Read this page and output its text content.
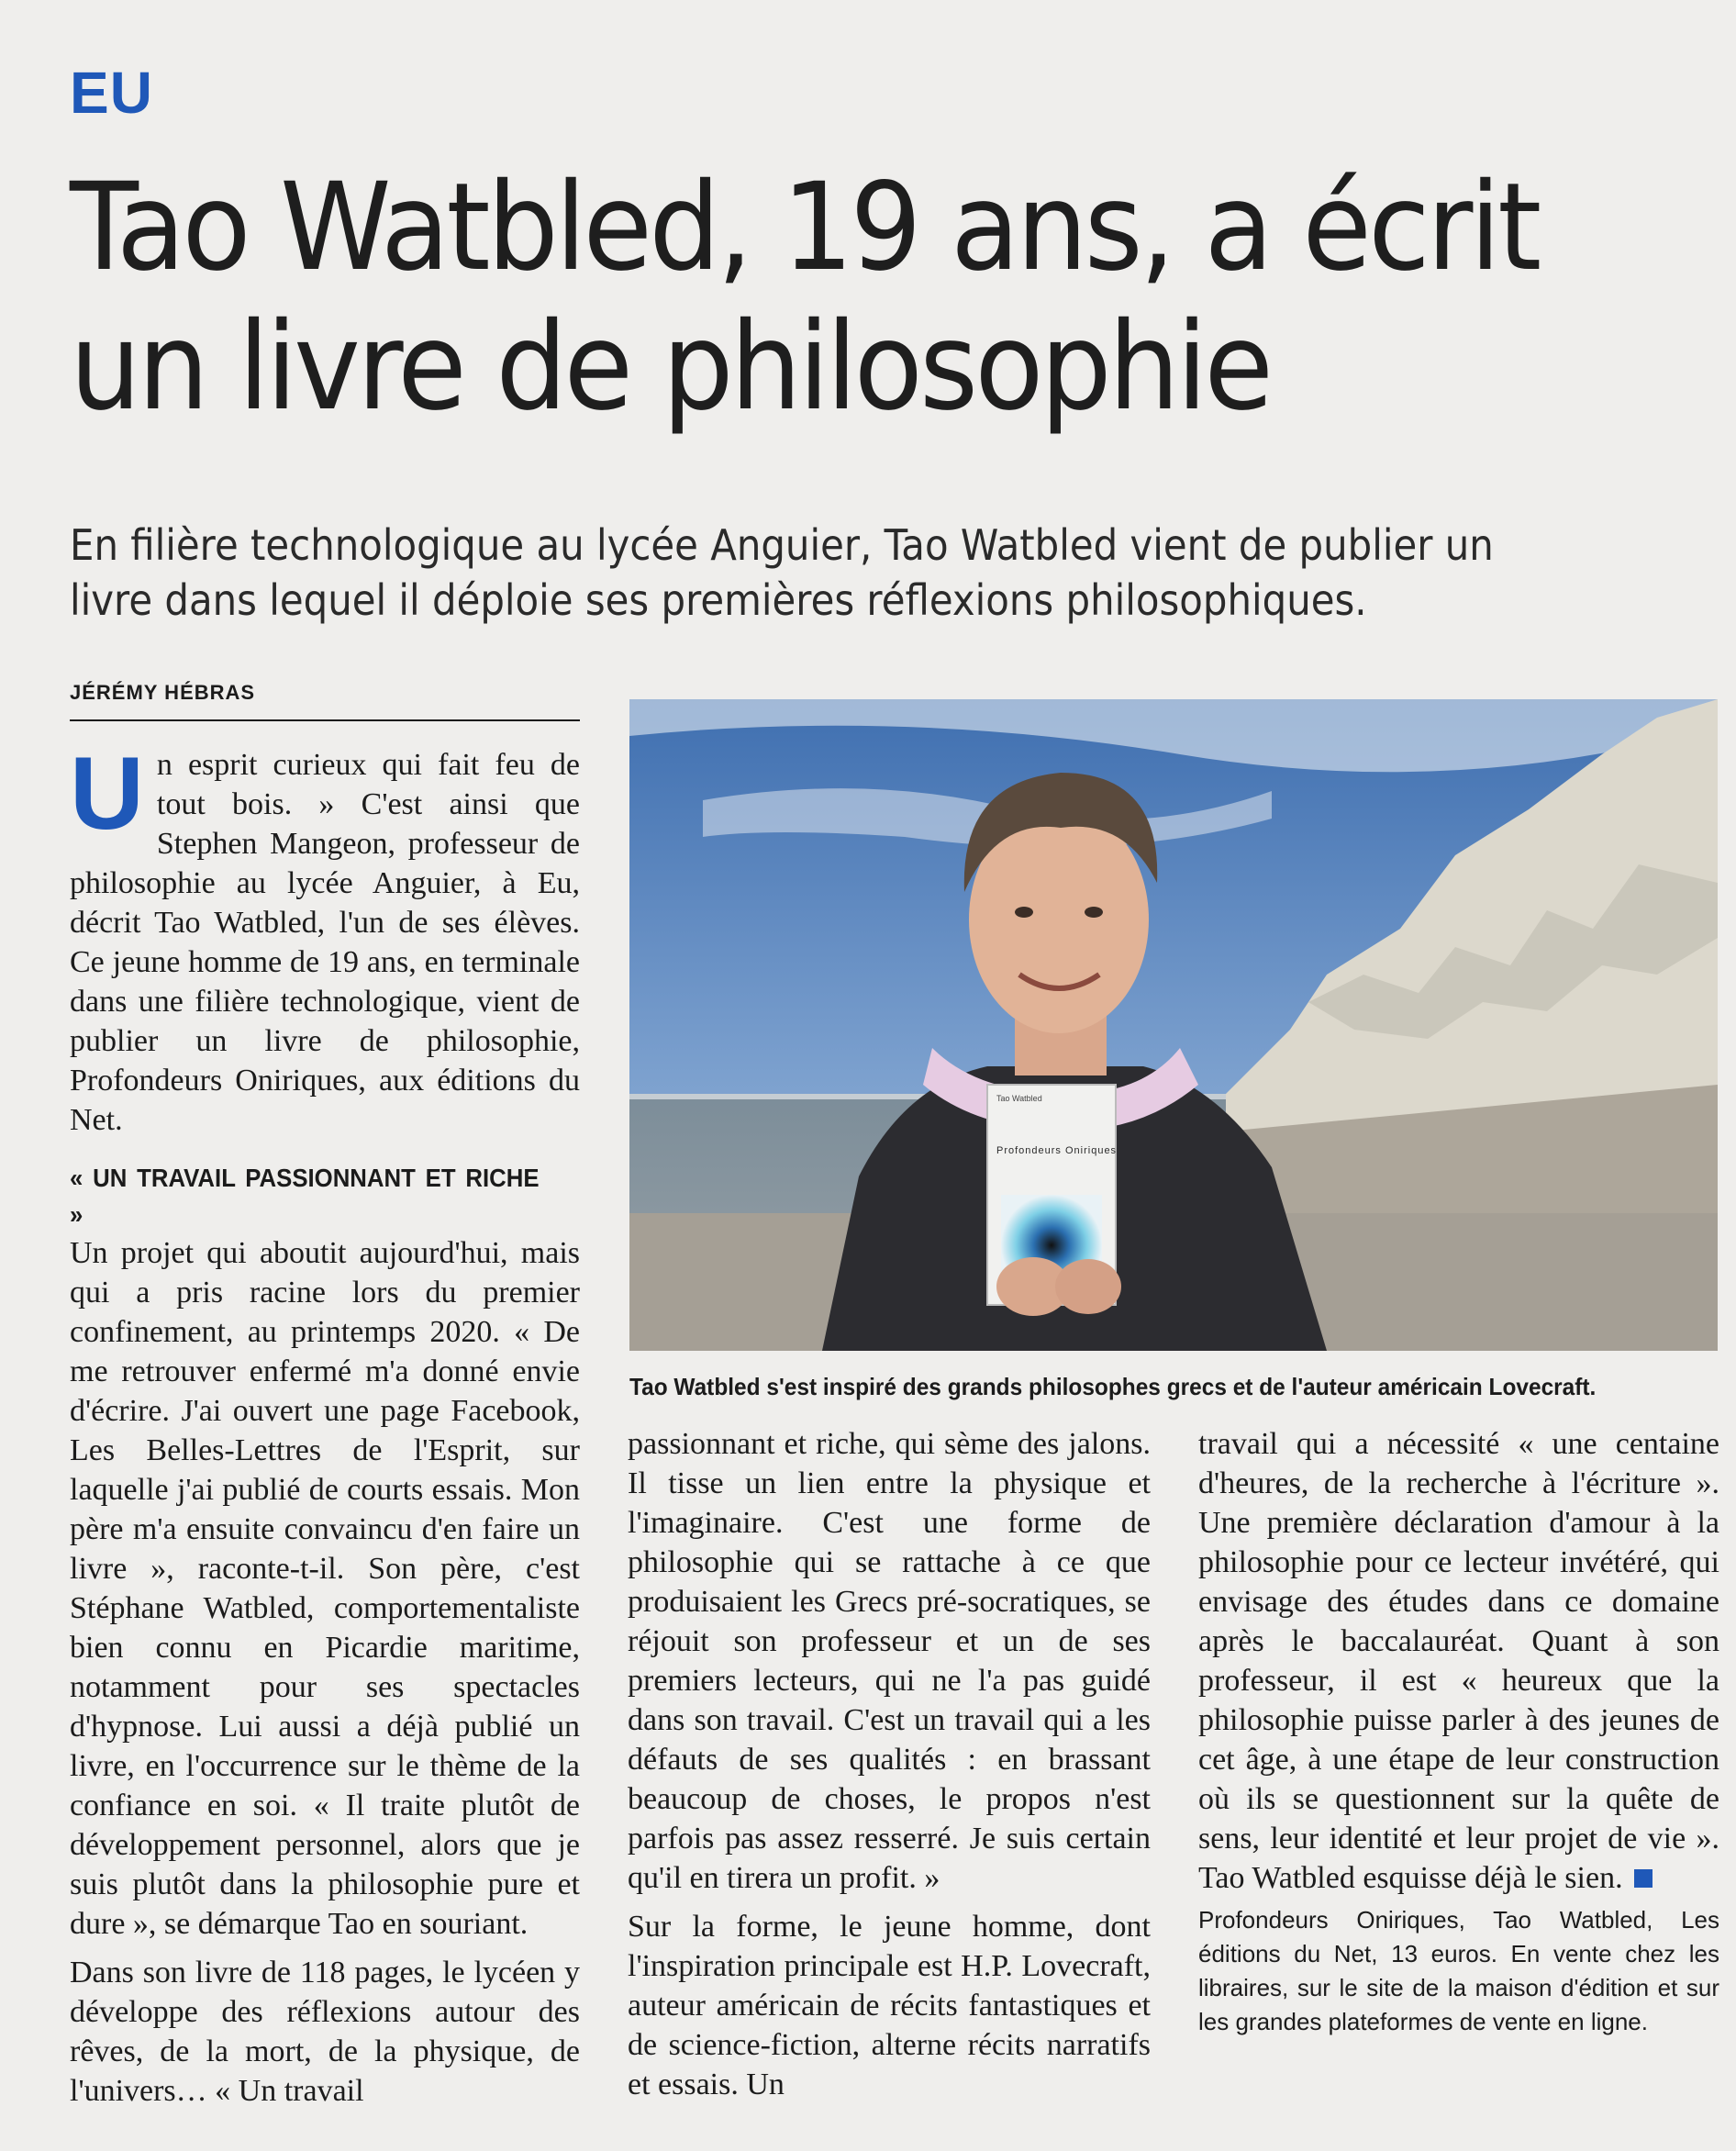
EU
Tao Watbled, 19 ans, a écrit un livre de philosophie

En filière technologique au lycée Anguier, Tao Watbled vient de publier un livre dans lequel il déploie ses premières réflexions philosophiques.

JÉRÉMY HÉBRAS

U n esprit curieux qui fait feu de tout bois. » C'est ainsi que Stephen Mangeon, professeur de philosophie au lycée Anguier, à Eu, décrit Tao Watbled, l'un de ses élèves. Ce jeune homme de 19 ans, en terminale dans une filière technologique, vient de publier un livre de philosophie, Profondeurs Oniriques, aux éditions du Net.

« UN TRAVAIL PASSIONNANT ET RICHE »

Un projet qui aboutit aujourd'hui, mais qui a pris racine lors du premier confinement, au printemps 2020. « De me retrouver enfermé m'a donné envie d'écrire. J'ai ouvert une page Facebook, Les Belles-Lettres de l'Esprit, sur laquelle j'ai publié de courts essais. Mon père m'a ensuite convaincu d'en faire un livre », raconte-t-il. Son père, c'est Stéphane Watbled, comportementaliste bien connu en Picardie maritime, notamment pour ses spectacles d'hypnose. Lui aussi a déjà publié un livre, en l'occurrence sur le thème de la confiance en soi. « Il traite plutôt de développement personnel, alors que je suis plutôt dans la philosophie pure et dure », se démarque Tao en souriant.

Dans son livre de 118 pages, le lycéen y développe des réflexions autour des rêves, de la mort, de la physique, de l'univers… « Un travail

Tao Watbled
Profondeurs Oniriques
Tao Watbled s'est inspiré des grands philosophes grecs et de l'auteur américain Lovecraft.

passionnant et riche, qui sème des jalons. Il tisse un lien entre la physique et l'imaginaire. C'est une forme de philosophie qui se rattache à ce que produisaient les Grecs pré-socratiques, se réjouit son professeur et un de ses premiers lecteurs, qui ne l'a pas guidé dans son travail. C'est un travail qui a les défauts de ses qualités : en brassant beaucoup de choses, le propos n'est parfois pas assez resserré. Je suis certain qu'il en tirera un profit. »

Sur la forme, le jeune homme, dont l'inspiration principale est H.P. Lovecraft, auteur américain de récits fantastiques et de science-fiction, alterne récits narratifs et essais. Un

travail qui a nécessité « une centaine d'heures, de la recherche à l'écriture ». Une première déclaration d'amour à la philosophie pour ce lecteur invétéré, qui envisage des études dans ce domaine après le baccalauréat. Quant à son professeur, il est « heureux que la philosophie puisse parler à des jeunes de cet âge, à une étape de leur construction où ils se questionnent sur la quête de sens, leur identité et leur projet de vie ». Tao Watbled esquisse déjà le sien.

Profondeurs Oniriques, Tao Watbled, Les éditions du Net, 13 euros. En vente chez les libraires, sur le site de la maison d'édition et sur les grandes plateformes de vente en ligne.
